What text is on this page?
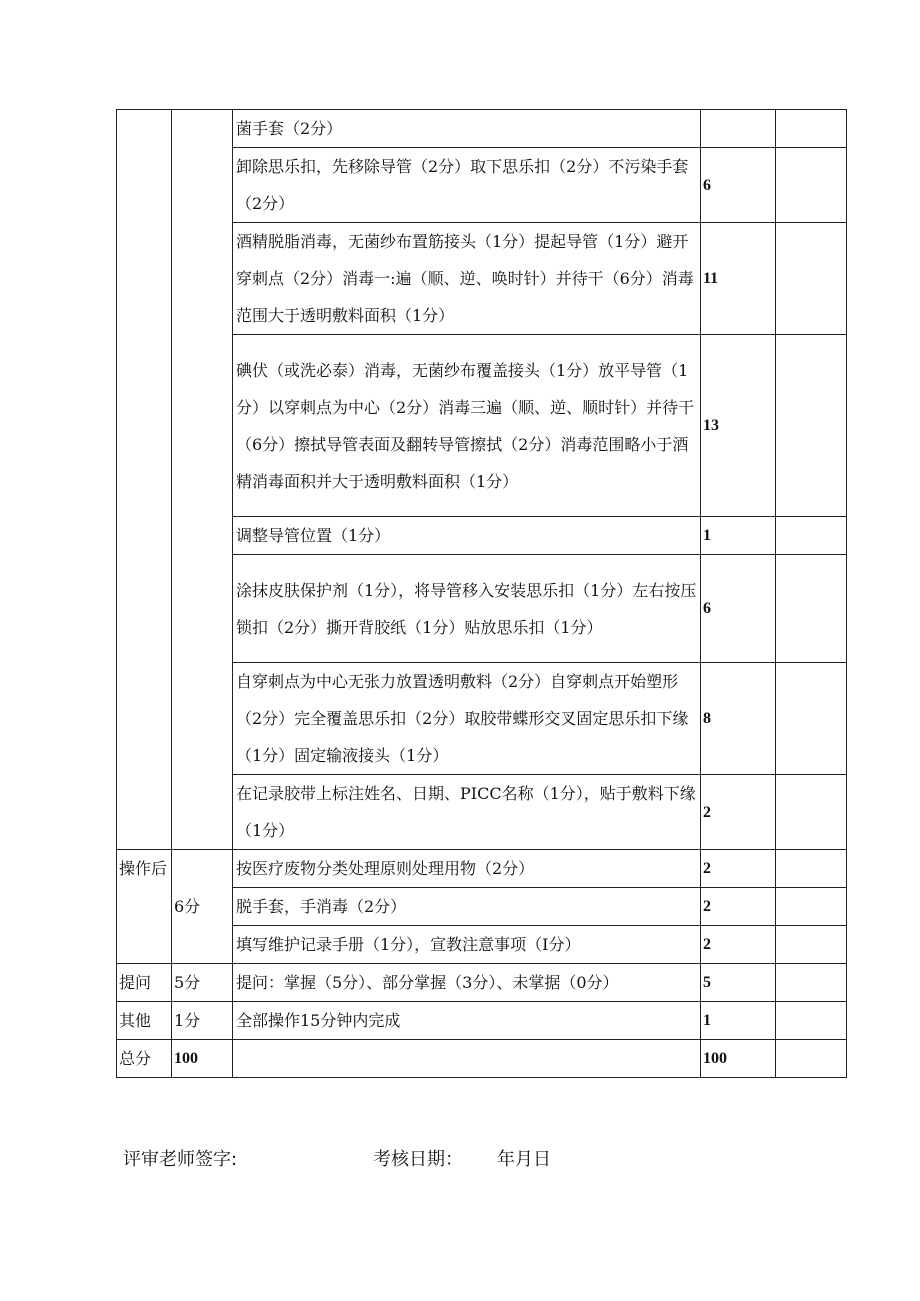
		菌手套（2分）		
		卸除思乐扣，先移除导管（2分）取下思乐扣（2分）不污染手套（2分）	6	
		酒精脱脂消毒，无菌纱布置筋接头（1分）提起导管（1分）避开穿刺点（2分）消毒一:遍（顺、逆、唤时针）并待干（6分）消毒范围大于透明敷料面积（1分）	11	
		碘伏（或洗必泰）消毒，无菌纱布覆盖接头（1分）放平导管（1分）以穿刺点为中心（2分）消毒三遍（顺、逆、顺时针）并待干（6分）擦拭导管表面及翻转导管擦拭（2分）消毒范围略小于酒精消毒面积并大于透明敷料面积（1分）	13	
		调整导管位置（1分）	1	
		涂抹皮肤保护剂（1分），将导管移入安装思乐扣（1分）左右按压锁扣（2分）撕开背胶纸（1分）贴放思乐扣（1分）	6	
		自穿刺点为中心无张力放置透明敷料（2分）自穿刺点开始塑形（2分）完全覆盖思乐扣（2分）取胶带蝶形交叉固定思乐扣下缘（1分）固定输液接头（1分）	8	
		在记录胶带上标注姓名、日期、PICC名称（1分），贴于敷料下缘（1分）	2	
操作后	6分	按医疗废物分类处理原则处理用物（2分）	2	
		脱手套，手消毒（2分）	2	
		填写维护记录手册（1分），宣教注意事项（I分）	2	
提问	5分	提问：掌握（5分）、部分掌握（3分）、未掌据（0分）	5	
其他	1分	全部操作15分钟内完成	1	
总分	100		100	
评审老师签字:	考核日期： 年月日
